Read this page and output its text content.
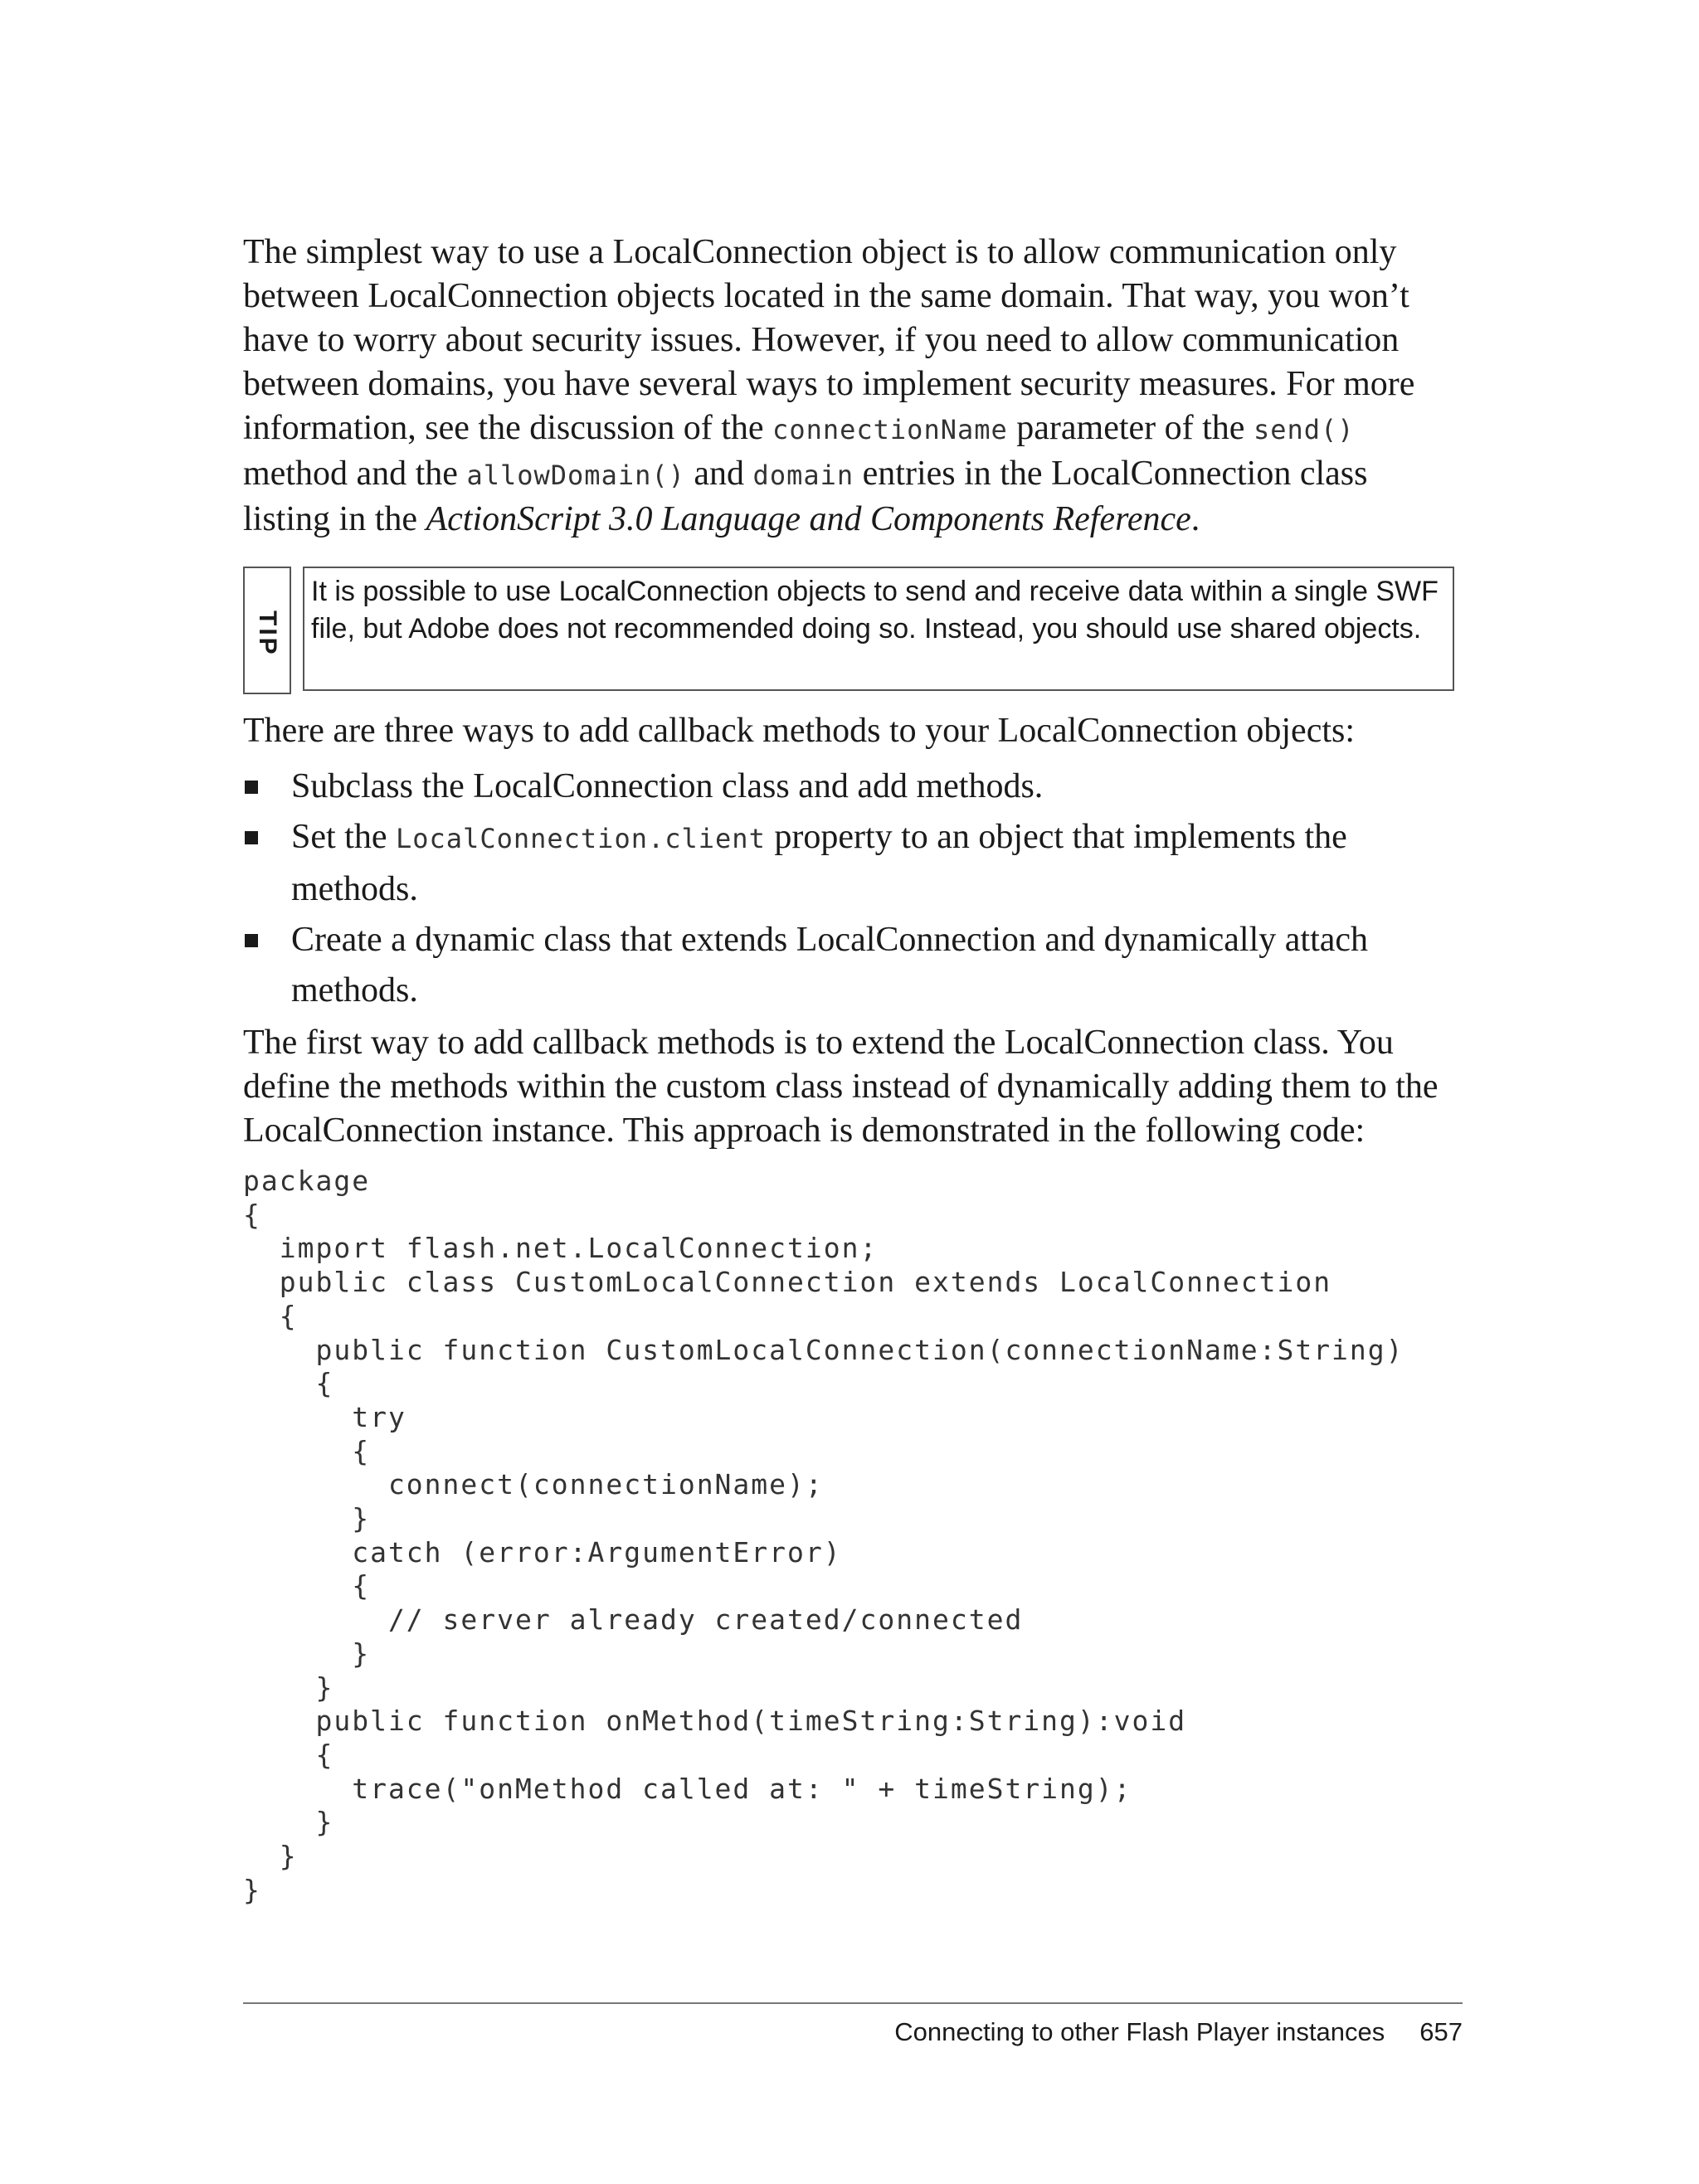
The simplest way to use a LocalConnection object is to allow communication only between LocalConnection objects located in the same domain. That way, you won’t have to worry about security issues. However, if you need to allow communication between domains, you have several ways to implement security measures. For more information, see the discussion of the connectionName parameter of the send() method and the allowDomain() and domain entries in the LocalConnection class listing in the ActionScript 3.0 Language and Components Reference.

TIP
It is possible to use LocalConnection objects to send and receive data within a single SWF file, but Adobe does not recommended doing so. Instead, you should use shared objects.

There are three ways to add callback methods to your LocalConnection objects:

Subclass the LocalConnection class and add methods.
Set the LocalConnection.client property to an object that implements the methods.
Create a dynamic class that extends LocalConnection and dynamically attach methods.

The first way to add callback methods is to extend the LocalConnection class. You define the methods within the custom class instead of dynamically adding them to the LocalConnection instance. This approach is demonstrated in the following code:

package
{
import flash.net.LocalConnection;
public class CustomLocalConnection extends LocalConnection
{
public function CustomLocalConnection(connectionName:String)
{
try
{
connect(connectionName);
}
catch (error:ArgumentError)
{
// server already created/connected
}
}
public function onMethod(timeString:String):void
{
trace("onMethod called at: " + timeString);
}
}
}
Connecting to other Flash Player instances 657
